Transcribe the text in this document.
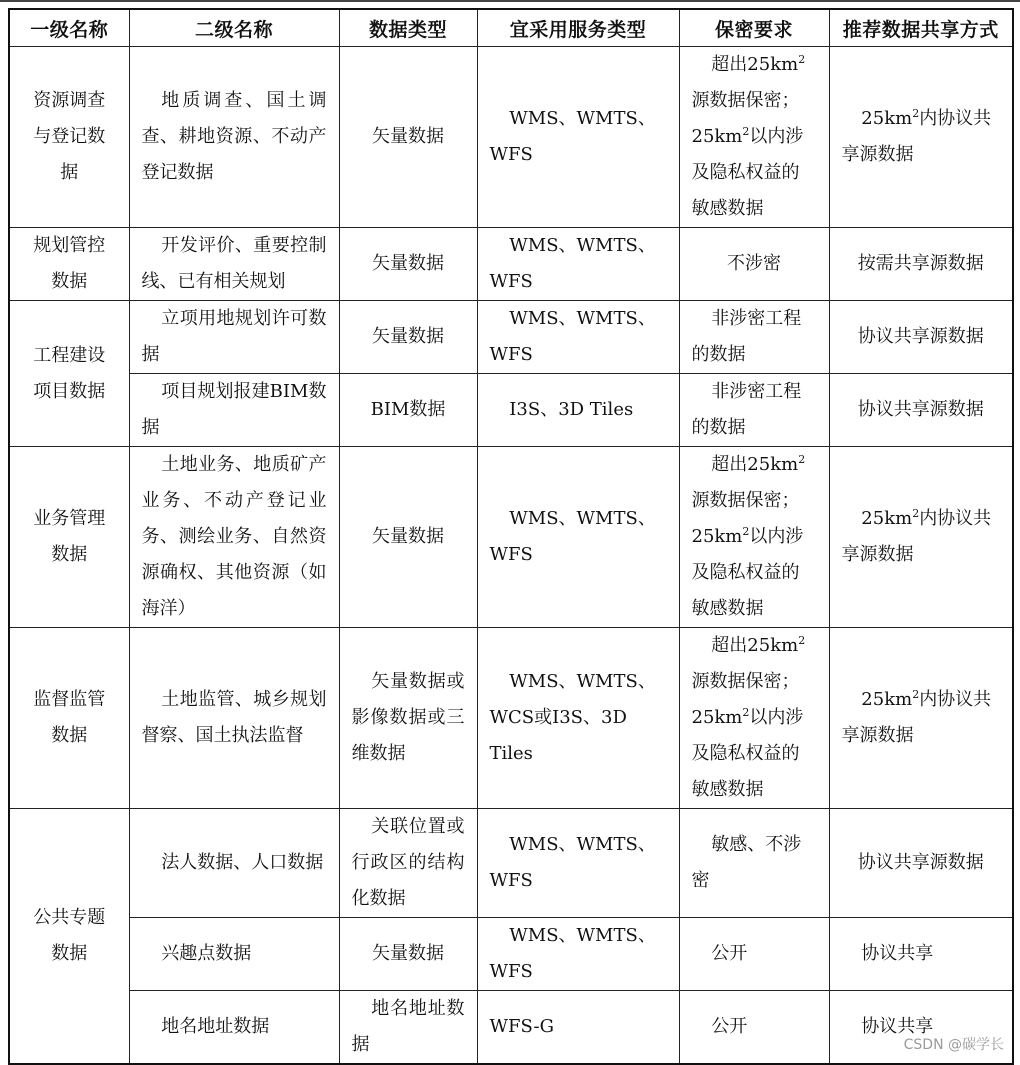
一级名称	二级名称	数据类型	宜采用服务类型	保密要求	推荐数据共享方式

资源调查与登记数据	地质调查、国土调查、耕地资源、不动产登记数据	矢量数据	WMS、WMTS、WFS	超出$25km^2$源数据保密；$25km^2$以内涉及隐私权益的敏感数据	$25km^2$内协议共享源数据

规划管控数据	开发评价、重要控制线、已有相关规划	矢量数据	WMS、WMTS、WFS	不涉密	按需共享源数据

工程建设项目数据	立项用地规划许可数据	矢量数据	WMS、WMTS、WFS	非涉密工程的数据	协议共享源数据

	项目规划报建BIM数据	BIM数据	I3S、3D Tiles	非涉密工程的数据	协议共享源数据

业务管理数据	土地业务、地质矿产业务、不动产登记业务、测绘业务、自然资源确权、其他资源（如海洋）	矢量数据	WMS、WMTS、WFS	超出$25km^2$源数据保密；$25km^2$以内涉及隐私权益的敏感数据	$25km^2$内协议共享源数据

监督监管数据	土地监管、城乡规划督察、国土执法监督	矢量数据或影像数据或三维数据	WMS、WMTS、WCS或I3S、3D Tiles	超出$25km^2$源数据保密；$25km^2$以内涉及隐私权益的敏感数据	$25km^2$内协议共享源数据

公共专题数据	法人数据、人口数据	关联位置或行政区的结构化数据	WMS、WMTS、WFS	敏感、不涉密	协议共享源数据

	兴趣点数据	矢量数据	WMS、WMTS、WFS	公开	协议共享

	地名地址数据	地名地址数据	WFS-G	公开	协议共享
CSDN @碳学长
